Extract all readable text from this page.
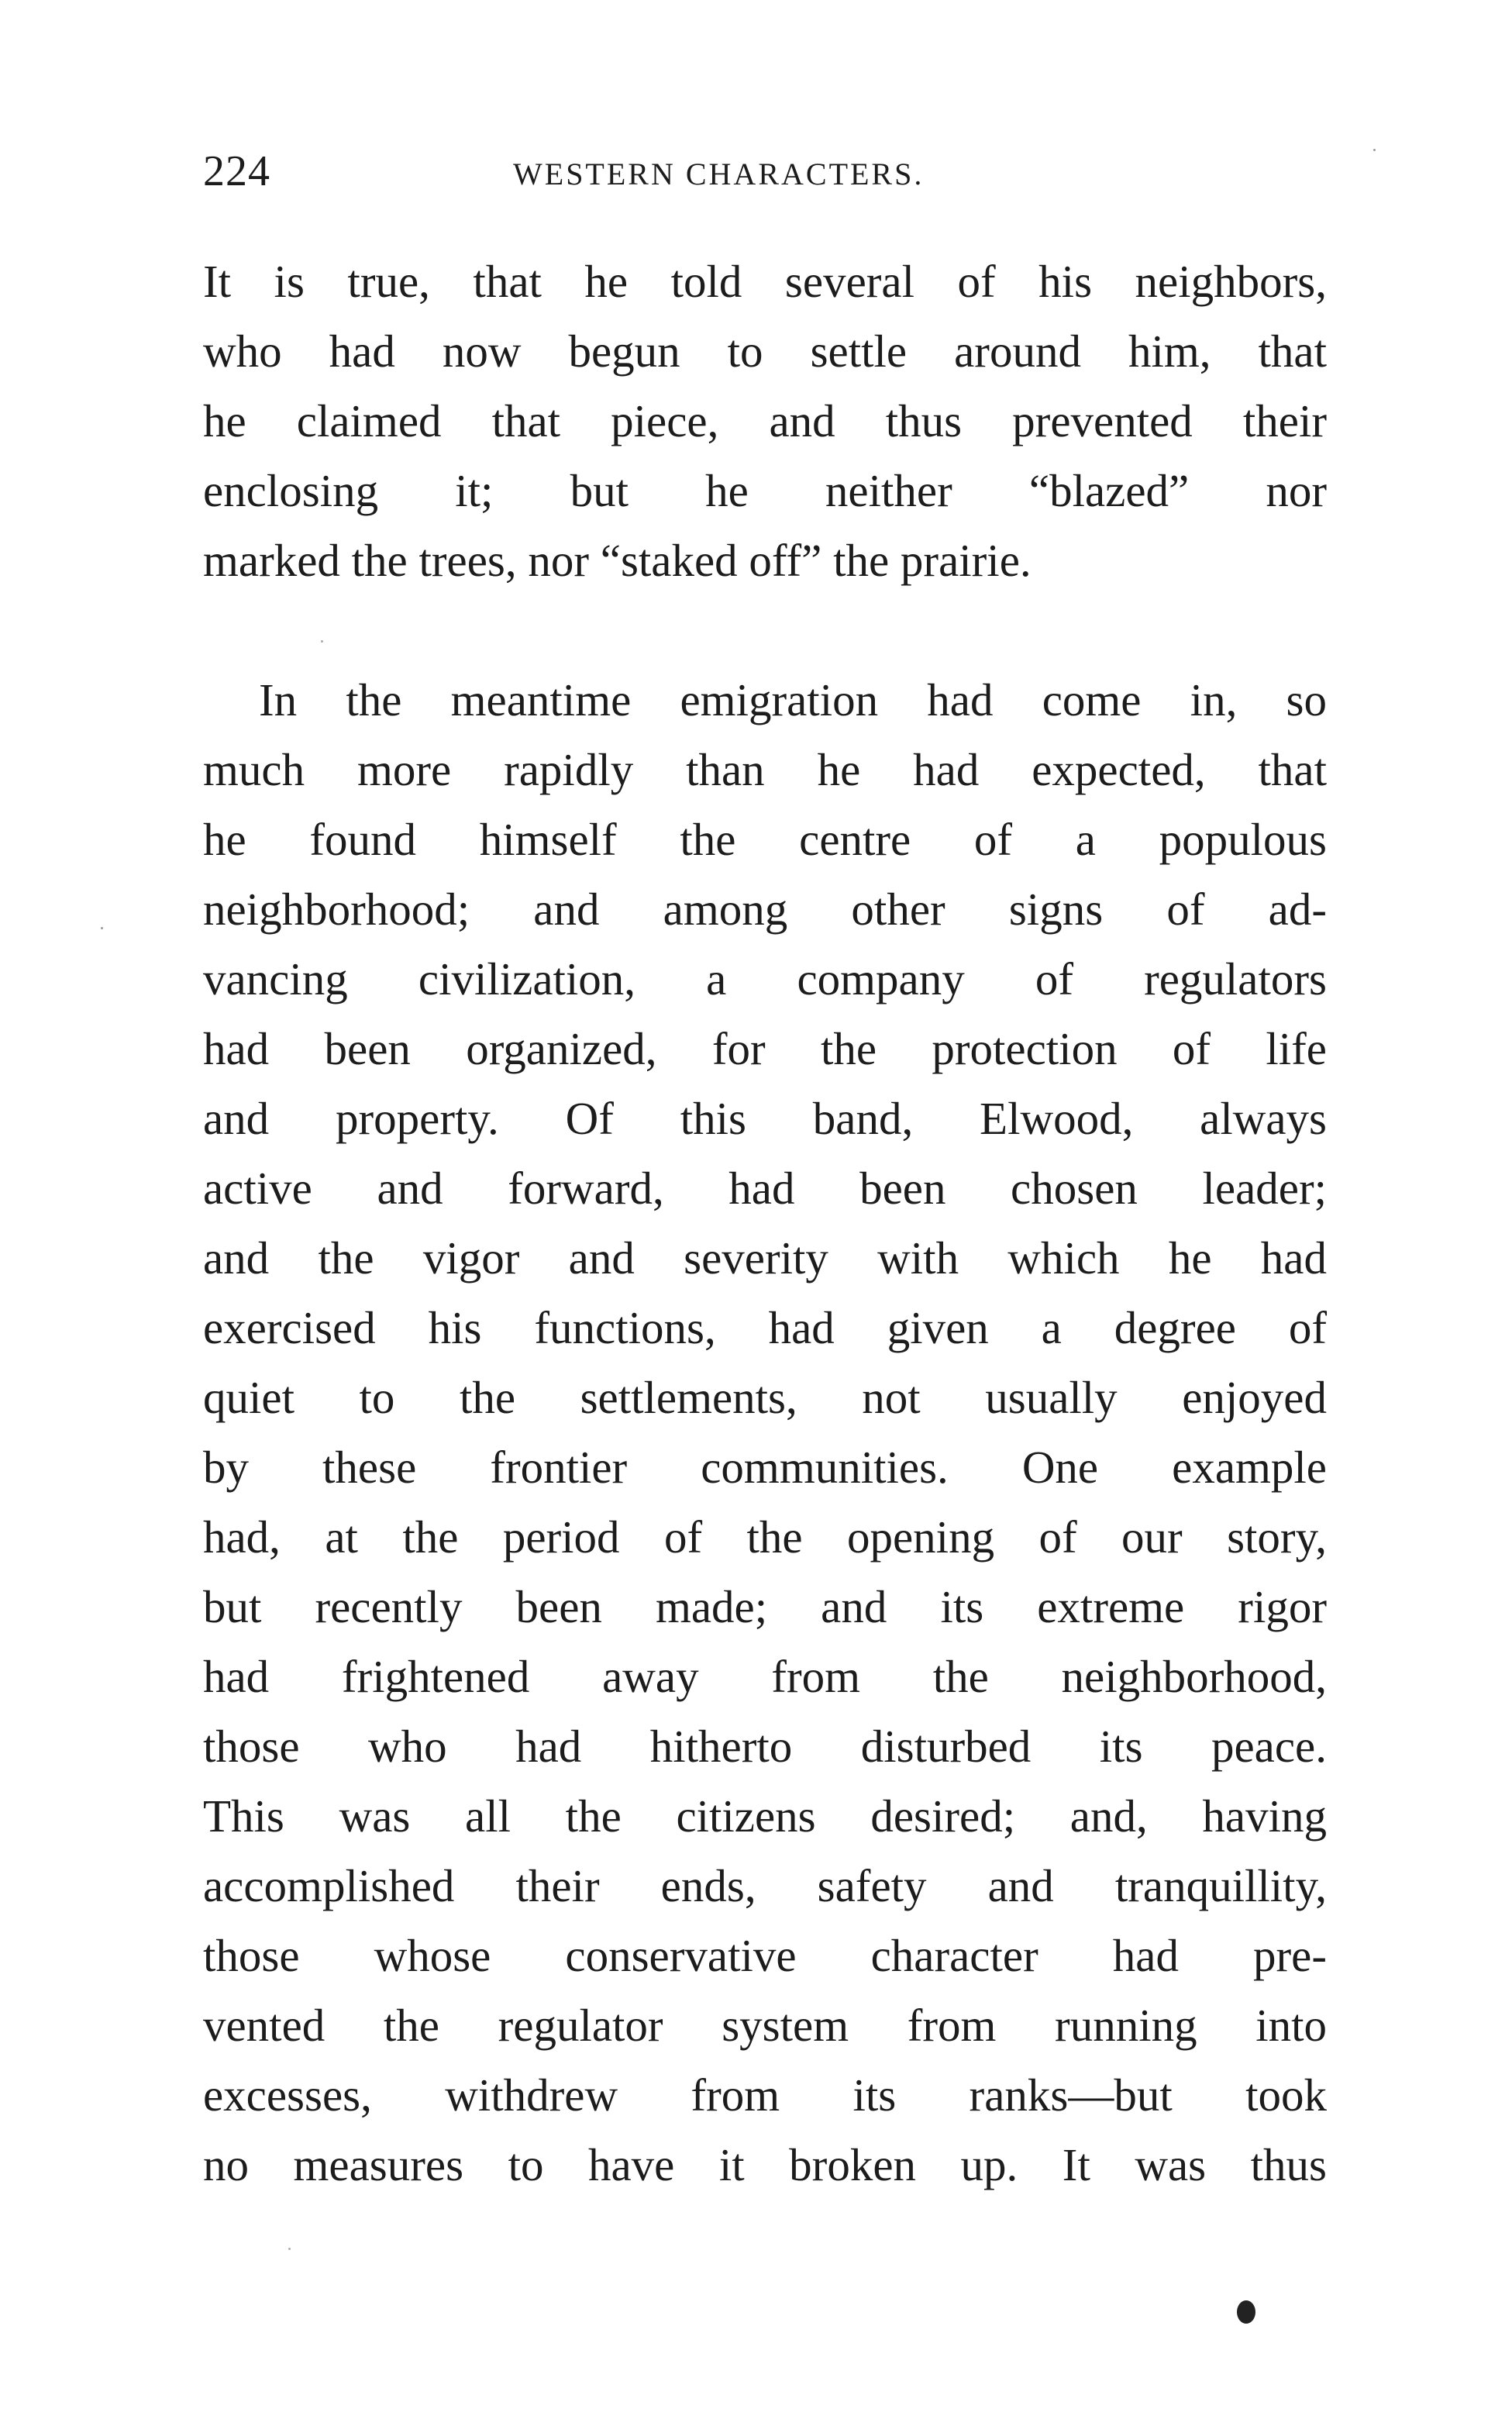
224	WESTERN CHARACTERS.
It is true, that he told several of his neighbors,
who had now begun to settle around him, that
he claimed that piece, and thus prevented their
enclosing it; but he neither “blazed” nor
marked the trees, nor “staked off” the prairie.
In the meantime emigration had come in, so
much more rapidly than he had expected, that
he found himself the centre of a populous
neighborhood; and among other signs of ad-
vancing civilization, a company of regulators
had been organized, for the protection of life
and property. Of this band, Elwood, always
active and forward, had been chosen leader;
and the vigor and severity with which he had
exercised his functions, had given a degree of
quiet to the settlements, not usually enjoyed
by these frontier communities. One example
had, at the period of the opening of our story,
but recently been made; and its extreme rigor
had frightened away from the neighborhood,
those who had hitherto disturbed its peace.
This was all the citizens desired; and, having
accomplished their ends, safety and tranquillity,
those whose conservative character had pre-
vented the regulator system from running into
excesses, withdrew from its ranks—but took
no measures to have it broken up. It was thus
